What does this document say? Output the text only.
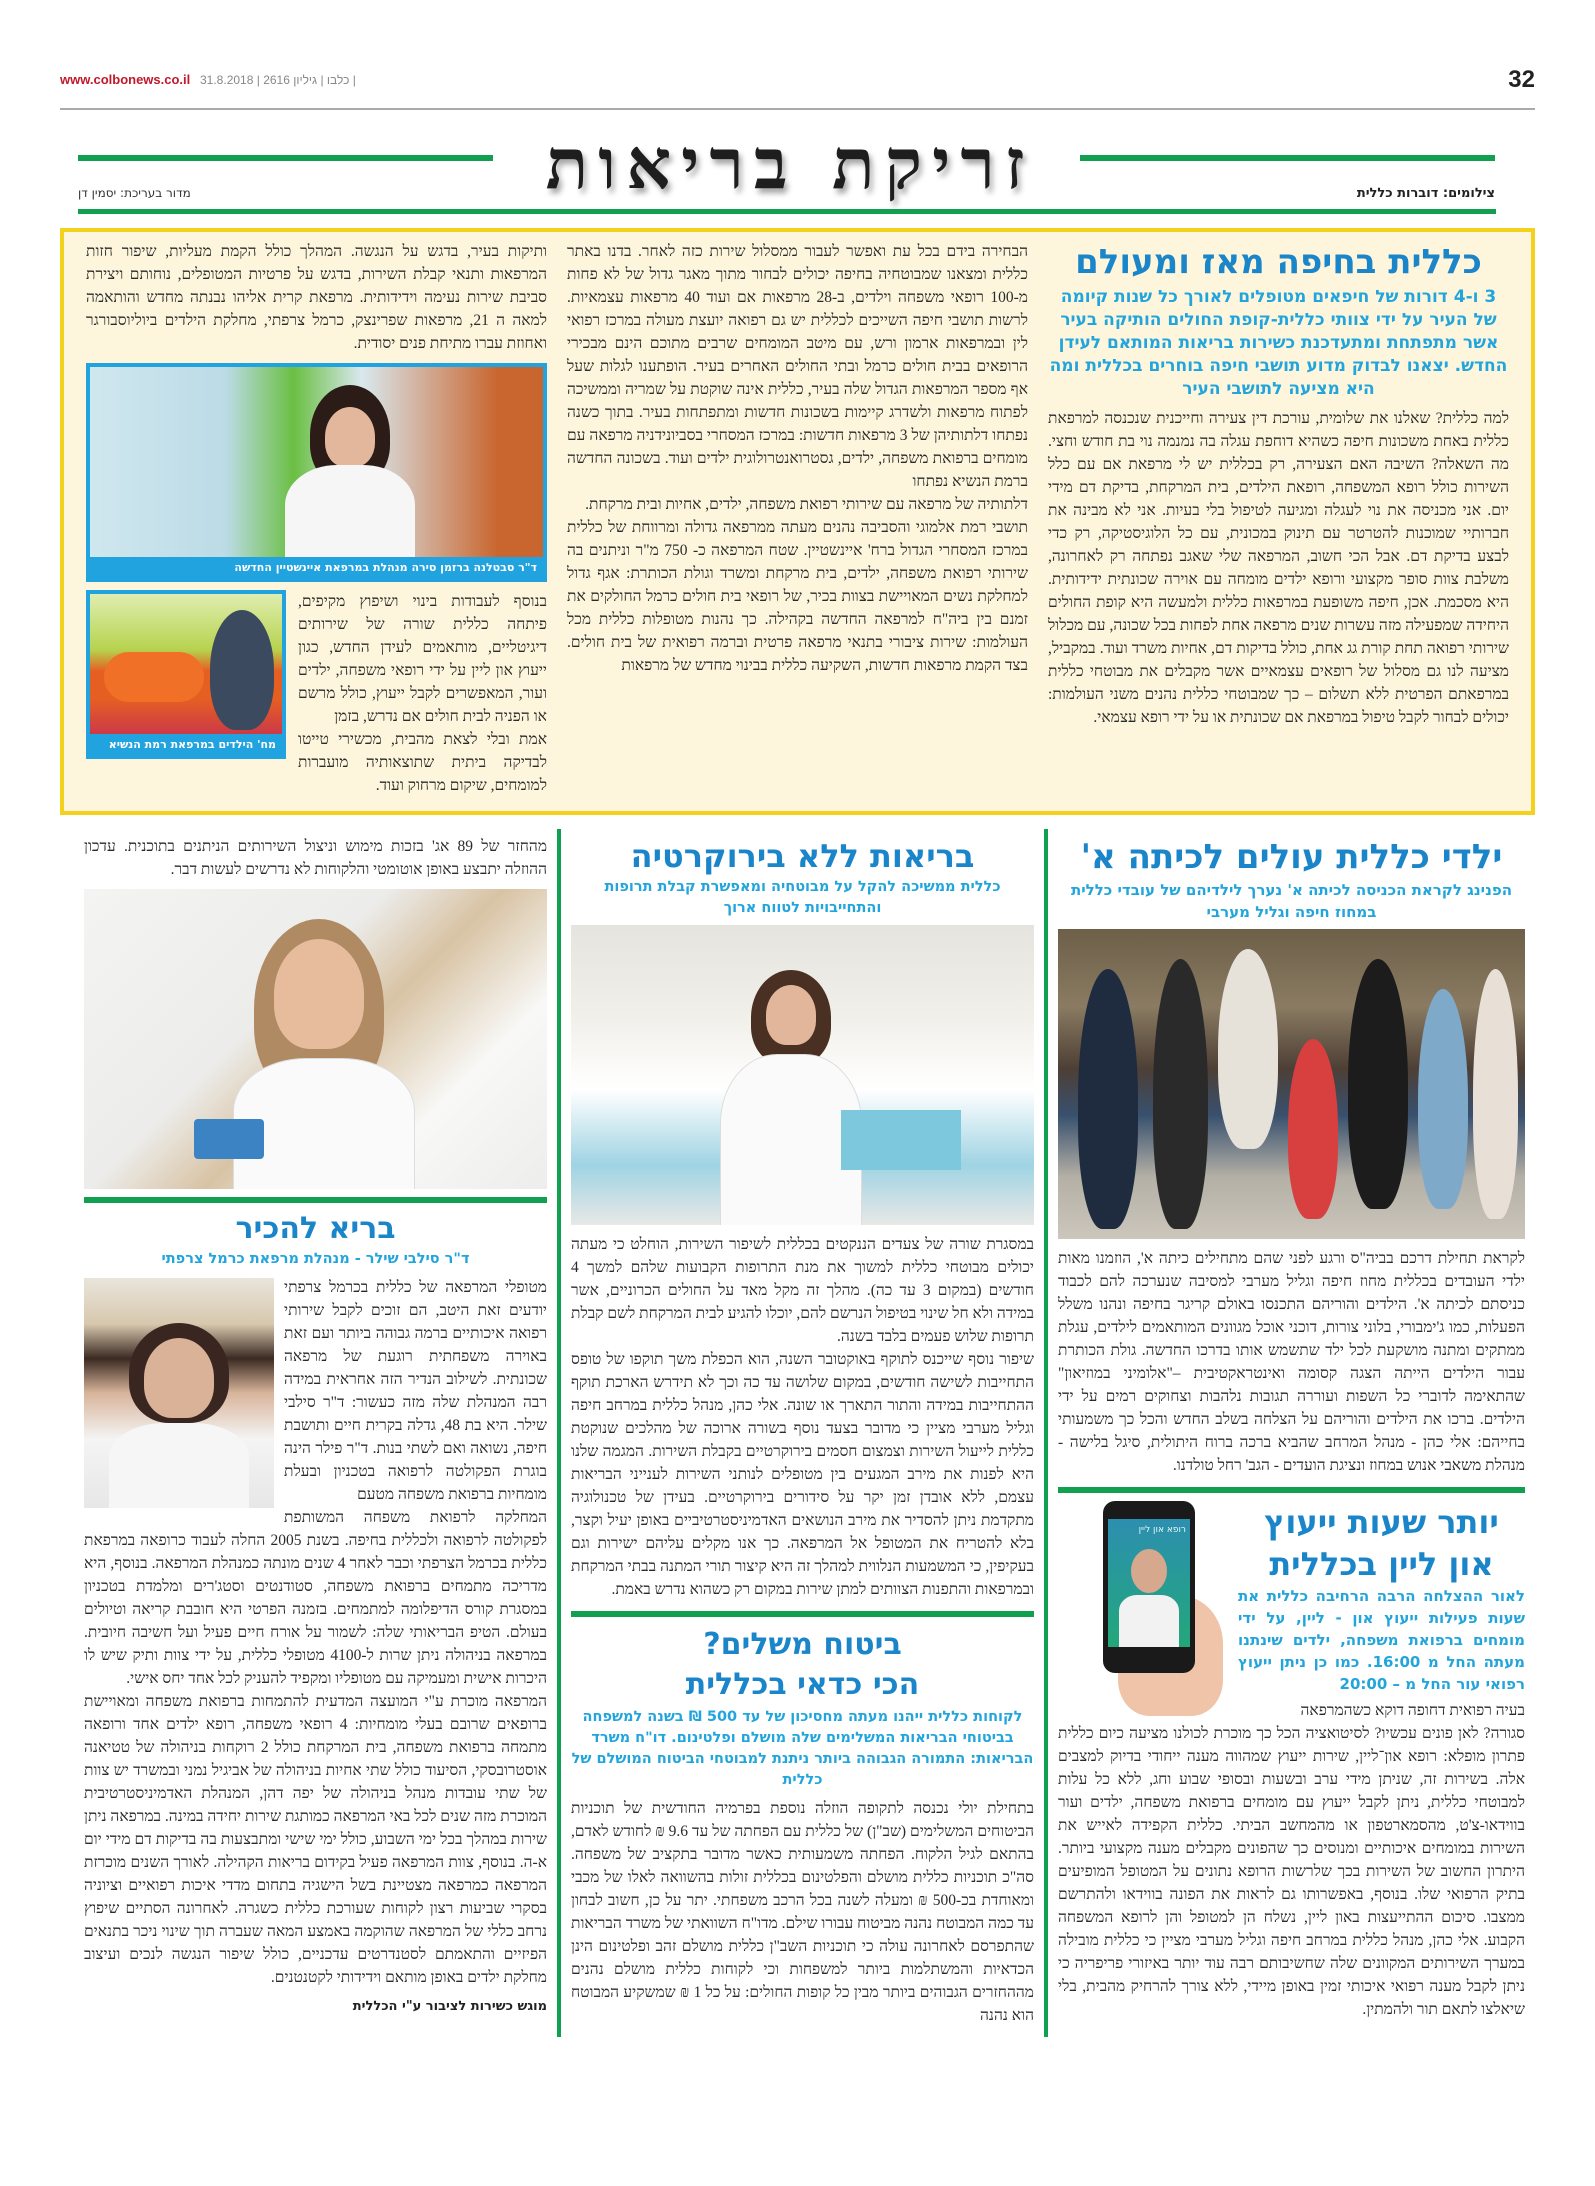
www.colbonews.co.il | כלבו | גיליון 2616 | 31.8.2018	32
זריקת בריאות	צילומים: דוברות כללית
מדור בעריכת: יסמין דן
כללית בחיפה מאז ומעולם
3 ו-4 דורות של חיפאים מטופלים לאורך כל שנות קיומה של העיר על ידי צוותי כללית-קופת החולים הותיקה בעיר אשר מתפתחת ומתעדכנת כשירות בריאות המותאם לעידן החדש. יצאנו לבדוק מדוע תושבי חיפה בוחרים בכללית ומה היא מציעה לתושבי העיר
למה כללית? שאלנו את שלומית, עורכת דין צעירה וחייכנית שנכנסה למרפאת כללית באחת משכונות חיפה כשהיא דוחפת עגלה בה נמנמה נוי בת חודש וחצי. מה השאלה? השיבה האם הצעירה, רק בכללית יש לי מרפאת אם עם כלל השירות כולל רופא המשפחה, רופאת הילדים, בית המרקחת, בדיקת דם מידי יום. אני מכניסה את נוי לעגלה ומגיעה לטיפול בלי בעיות. אני לא מבינה את חברותיי שמוכנות להטרטר עם תינוק במכונית, עם כל הלוגיסטיקה, רק כדי לבצע בדיקת דם. אבל הכי חשוב, המרפאה שלי שאגב נפתחה רק לאחרונה, משלבת צוות סופר מקצועי ורופא ילדים מומחה עם אוירה שכונתית ידידותית. היא מסכמת. אכן, חיפה משופעת במרפאות כללית ולמעשה היא קופת החולים היחידה שמפעילה מזה עשרות שנים מרפאה אחת לפחות בכל שכונה, עם מכלול שירותי רפואה תחת קורת גג אחת, כולל בדיקות דם, אחיות משרד ועוד. במקביל, מציעה לנו גם מסלול של רופאים עצמאיים אשר מקבלים את מבוטחי כללית במרפאתם הפרטית ללא תשלום – כך שמבוטחי כללית נהנים משני העולמות: יכולים לבחור לקבל טיפול במרפאת אם שכונתית או על ידי רופא עצמאי.
הבחירה בידם בכל עת ואפשר לעבור ממסלול שירות כזה לאחר. בדנו באתר כללית ומצאנו שמבוטחיה בחיפה יכולים לבחור מתוך מאגר גדול של לא פחות מ-100 רופאי משפחה וילדים, ב-28 מרפאות אם ועוד 40 מרפאות עצמאיות. לרשות תושבי חיפה השייכים לכללית יש גם רפואה יועצת מעולה במרכז רפואי לין ובמרפאות ארמון ורש, עם מיטב המומחים שרבים מתוכם הינם מבכירי הרופאים בבית חולים כרמל ובתי החולים האחרים בעיר. הופתענו לגלות שעל אף מספר המרפאות הגדול שלה בעיר, כללית אינה שוקטת על שמריה וממשיכה לפתוח מרפאות ולשדרג קיימות בשכונות חדשות ומתפתחות בעיר. בתוך כשנה נפתחו דלתותיהן של 3 מרפאות חדשות: במרכז המסחרי בסביונידניה מרפאה עם מומחים ברפואת משפחה, ילדים, גסטרואנטרולוגית ילדים ועוד. בשכונה החדשה ברמת הנשיא נפתחו
דלתותיה של מרפאה עם שירותי רפואת משפחה, ילדים, אחיות ובית מרקחת.
תושבי רמת אלמוגי והסביבה נהנים מעתה ממרפאה גדולה ומרווחת של כללית במרכז המסחרי הגדול ברח' איינשטיין. שטח המרפאה כ- 750 מ"ר וניתנים בה שירותי רפואת משפחה, ילדים, בית מרקחת ומשרד וגולת הכותרת: אגף גדול למחלקת נשים המאויישת בצוות בכיר, של רופאי בית חולים כרמל החולקים את זמנם בין ביה"ח למרפאה החדשה בקהילה. כך נהנות מטופלות כללית מכל העולמות: שירות ציבורי בתנאי מרפאה פרטית וברמה רפואית של בית חולים. בצד הקמת מרפאות חדשות, השקיעה כללית בבינוי מחדש של מרפאות
ותיקות בעיר, בדגש על הנגשה. המהלך כולל הקמת מעליות, שיפור חזות המרפאות ותנאי קבלת השירות, בדגש על פרטיות המטופלים, נוחותם ויצירת סביבת שירות נעימה וידידותית. מרפאת קרית אליהו נבנתה מחדש והותאמה למאה ה 21, מרפאות שפרינצק, כרמל צרפתי, מחלקת הילדים ביוליוסבורגר ואחוזת עברו מתיחת פנים יסודית.
ד"ר סבטלנה ברזמן סירה מנהלת במרפאת איינשטיין החדשה
מח' הילדים במרפאת רמת הנשיא
בנוסף לעבודות בינוי ושיפוץ מקיפים, פיתחה כללית שורה של שירותים דיגיטליים, מותאמים לעידן החדש, כגון ייעוץ און ליין על ידי רופאי משפחה, ילדים ועור, המאפשרים לקבל ייעוץ, כולל מרשם או הפניה לבית חולים אם נדרש, בזמן
אמת ובלי לצאת מהבית, מכשירי טייטו לבדיקה ביתית שתוצאותיה מועברות למומחים, שיקום מרחוק ועוד.
ילדי כללית עולים לכיתה א'
הפנינג לקראת הכניסה לכיתה א' נערך לילדיהם של עובדי כללית במחוז חיפה וגליל מערבי
לקראת תחילת דרכם בביה"ס ורגע לפני שהם מתחילים כיתה א', הוזמנו מאות ילדי העובדים בכללית מחוז חיפה וגליל מערבי למסיבה שנערכה להם לכבוד כניסתם לכיתה א'. הילדים והוריהם התכנסו באולם קריגר בחיפה ונהנו משלל הפעלות, כמו ג'ימבורי, בלוני צורות, דוכני אוכל מגוונים המותאמים לילדים, עגלת ממתקים ומתנה מושקעת לכל ילד שתשמש אותו בדרכו החדשה. גולת הכותרת עבור הילדים הייתה הצגה קסומה ואינטראקטיבית –"אלומיני במוזיאון" שהתאימה לדוברי כל השפות ועוררה תגובות נלהבות וצחוקים רמים על ידי הילדים. ברכו את הילדים והוריהם על הצלחה בשלב החדש והכל כך משמעותי בחייהם: אלי כהן - מנהל המרחב שהביא ברכה ברוח היתולית, סיגל בלישה - מנהלת משאבי אנוש במחוז ונציגת הועדים - הגב' רחל טולדנו.
רופא און ליין	יותר שעות ייעוץ און ליין בכללית
לאור ההצלחה הרבה הרחיבה כללית את שעות פעילות ייעוץ און - ליין, על ידי מומחים ברפואת משפחה, ילדים שינתנו מעתה החל מ 16:00. כמו כן ניתן ייעוץ רפואי עור החל מ – 20:00
בעיה רפואית דחופה דוקא כשהמרפאה
סגורה? לאן פונים עכשיו? לסיטואציה הכל כך מוכרת לכולנו מציעה כיום כללית פתרון מופלא: רופא און־ליין, שירות ייעוץ שמהווה מענה ייחודי בדיוק למצבים אלה. בשירות זה, שניתן מידי ערב ובשעות ובסופי שבוע וחג, ללא כל עלות למבוטחי כללית, ניתן לקבל ייעוץ עם מומחים ברפואת משפחה, ילדים ועור בווידאו-צ'ט, מהסמארטפון או מהמחשב הביתי. כללית הקפידה לאייש את השירות במומחים איכותיים ומנוסים כך שהפונים מקבלים מענה מקצועי ביותר. היתרון החשוב של השירות בכך שלרשות הרופא נתונים על המטופל המופיעים בתיק הרפואי שלו. בנוסף, באפשרותו גם לראות את הפונה בווידאו ולהתרשם ממצבו. סיכום ההתייעצות באון ליין, נשלח הן למטופל והן לרופא המשפחה הקבוע. אלי כהן, מנהל כללית במרחב חיפה וגליל מערבי מציין כי כללית מובילה במערך השירותים המקוונים שלה שחשיבותם רבה עוד יותר באיזורי פריפריה כי ניתן לקבל מענה רפואי איכותי זמין באופן מיידי, ללא צורך להרחיק מהבית, בלי שיאלצו לתאם תור ולהמתין.
בריאות ללא בירוקרטיה
כללית ממשיכה להקל על מבוטחיה ומאפשרת קבלת תרופות והתחייבויות לטווח ארוך

במסגרת שורה של צעדים הננקטים בכללית לשיפור השירות, הוחלט כי מעתה יכולים מבוטחי כללית למשוך את מנת התרופות הקבועות שלהם למשך 4 חודשים (במקום 3 עד כה). מהלך זה מקל מאד על החולים הכרוניים, אשר במידה ולא חל שינוי בטיפול הנרשם להם, יוכלו להגיע לבית המרקחת לשם קבלת תרופות שלוש פעמים בלבד בשנה.

שיפור נוסף שייכנס לתוקף באוקטובר השנה, הוא הכפלת משך תוקפו של טופס התחייבות לשישה חודשים, במקום שלושה עד כה וכך לא תידרש הארכת תוקף ההתחייבות במידה והתור התארך או שונה. אלי כהן, מנהל כללית במרחב חיפה וגליל מערבי מציין כי מדובר בצעד נוסף בשורה ארוכה של מהלכים שנוקטת כללית לייעול השירות וצמצום חסמים בירוקרטיים בקבלת השירות. המגמה שלנו היא לפנות את מירב המגעים בין מטופלים לנותני השירות לענייני הבריאות עצמם, ללא אובדן זמן יקר על סידורים בירוקרטיים. בעידן של טכנולוגיה מתקדמת ניתן להסדיר את מירב הנושאים האדמיניסטרטיביים באופן יעיל וקצר, בלא להטריח את המטופל אל המרפאה. כך אנו מקלים עליהם ישירות וגם בעקיפין, כי המשמעות הנלווית למהלך זה היא קיצור תורי המתנה בבתי המרקחת ובמרפאות והתפנות הצוותים למתן שירות במקום רק כשהוא נדרש באמת.

ביטוח משלים?
הכי כדאי בכללית
לקוחות כללית ייהנו מעתה מחסיכון של עד 500 ₪ בשנה למשפחה בביטוחי הבריאות המשלימים שלה מושלם ופלטינום. דו"ח משרד הבריאות: התמורה הגבוהה ביותר ניתנת למבוטחי הביטוח המושלם של כללית
בתחילת יולי נכנסה לתקופה הוזלה נוספת בפרמיה החודשית של תוכניות הביטוחים המשלימים (שב"ן) של כללית עם הפחתה של עד 9.6 ₪ לחודש לאדם, בהתאם לגיל הלקוח. הפחתה משמעותית כאשר מדובר בתקציב של משפחה. סה"כ תוכניות כללית מושלם והפלטינום בכללית זולות בהשוואה לאלו של מכבי ומאוחדת בכ-500 ₪ ומעלה לשנה בכל הרכב משפחתי. יתר על כן, חשוב לבחון עד כמה המבוטח נהנה מביטוח עבורו שילם. מדו"ח השוואתי של משרד הבריאות שהתפרסם לאחרונה עולה כי תוכניות השב"ן כללית מושלם זהב ופלטינום הינן הכדאיות והמשתלמות ביותר למשפחות וכי לקוחות כללית מושלם נהנים מההחזרים הגבוהים ביותר מבין כל קופות החולים: על כל 1 ₪ שמשקיע המבוטח הוא נהנה
מהחזר של 89 אג' בזכות מימוש וניצול השירותים הניתנים בתוכנית. עדכון ההוזלה יתבצע באופן אוטומטי והלקוחות לא נדרשים לעשות דבר.
בריא להכיר
ד"ר סילבי שילר - מנהלת מרפאת כרמל צרפתי
מטופלי המרפאה של כללית בכרמל צרפתי יודעים זאת היטב, הם זוכים לקבל שירותי רפואה איכותיים ברמה גבוהה ביותר ועם זאת באוירה משפחתית רוגעת של מרפאה שכונתית. לשילוב הנדיר הזה אחראית במידה רבה המנהלת שלה מזה כעשור: ד"ר סילבי שילר. היא בת 48, גדלה בקרית חיים ותושבת חיפה, נשואה ואם לשתי בנות. ד"ר פילר הינה בוגרת הפקולטה לרפואה בטכניון ובעלת מומחיות ברפואת משפחה מטעם

המחלקה לרפואת משפחה המשותפת לפקולטה לרפואה ולכללית בחיפה. בשנת 2005 החלה לעבוד כרופאה במרפאת כללית בכרמל הצרפתי וכבר לאחר 4 שנים מונתה כמנהלת המרפאה. בנוסף, היא מדריכה מתמחים ברפואת משפחה, סטודנטים וסטג'רים ומלמדת בטכניון במסגרת קורס הדיפלומה למתמחים. בזמנה הפרטי היא חובבת קריאה וטיולים בעולם. הטיפ הבריאותי שלה: לשמור על אורח חיים פעיל ועל חשיבה חיובית. במרפאה בניהולה ניתן שרות ל-4100 מטופלי כללית, על ידי צוות ותיק שיש לו היכרות אישית ומעמיקה עם מטופליו ומקפיד להעניק לכל אחד יחס אישי.

המרפאה מוכרת ע"י המועצה המדעית להתמחות ברפואת משפחה ומאויישת ברופאים שרובם בעלי מומחיות: 4 רופאי משפחה, רופא ילדים אחד ורופאה מתמחה ברפואת משפחה, בית המרקחת כולל 2 רוקחות בניהולה של טטיאנה אוסטרובסקי, הסיעוד כולל שתי אחיות בניהולה של אביגיל נמני ובמשרד יש צוות של שתי עובדות מנהל בניהולה של יפה דהן, המנהלת האדמיניסטרטיבית המוכרת מזה שנים לכל באי המרפאה כמותגת שירות יחידה במינה. במרפאה ניתן שירות במהלך בכל ימי השבוע, כולל ימי שישי ומתבצעות בה בדיקות דם מידי יום א-ה. בנוסף, צוות המרפאה פעיל בקידום בריאות הקהילה. לאורך השנים מוכרזת המרפאה כמרפאה מצטיינת בשל הישגיה בתחום מדדי איכות רפואיים וציוניה בסקרי שביעות רצון לקוחות שעורכת כללית כשגרה. לאחרונה הסתיים שיפוץ נרחב כללי של המרפאה שהוקמה באמצע המאה שעברה תוך שינוי ניכר בתנאים הפיזיים והתאמתם לסטנדרטים עדכניים, כולל שיפור הנגשה לנכים ועיצוב מחלקת ילדים באופן מותאם וידידותי לקטנטנים.

מוגש כשירות לציבור ע"י הכללית
